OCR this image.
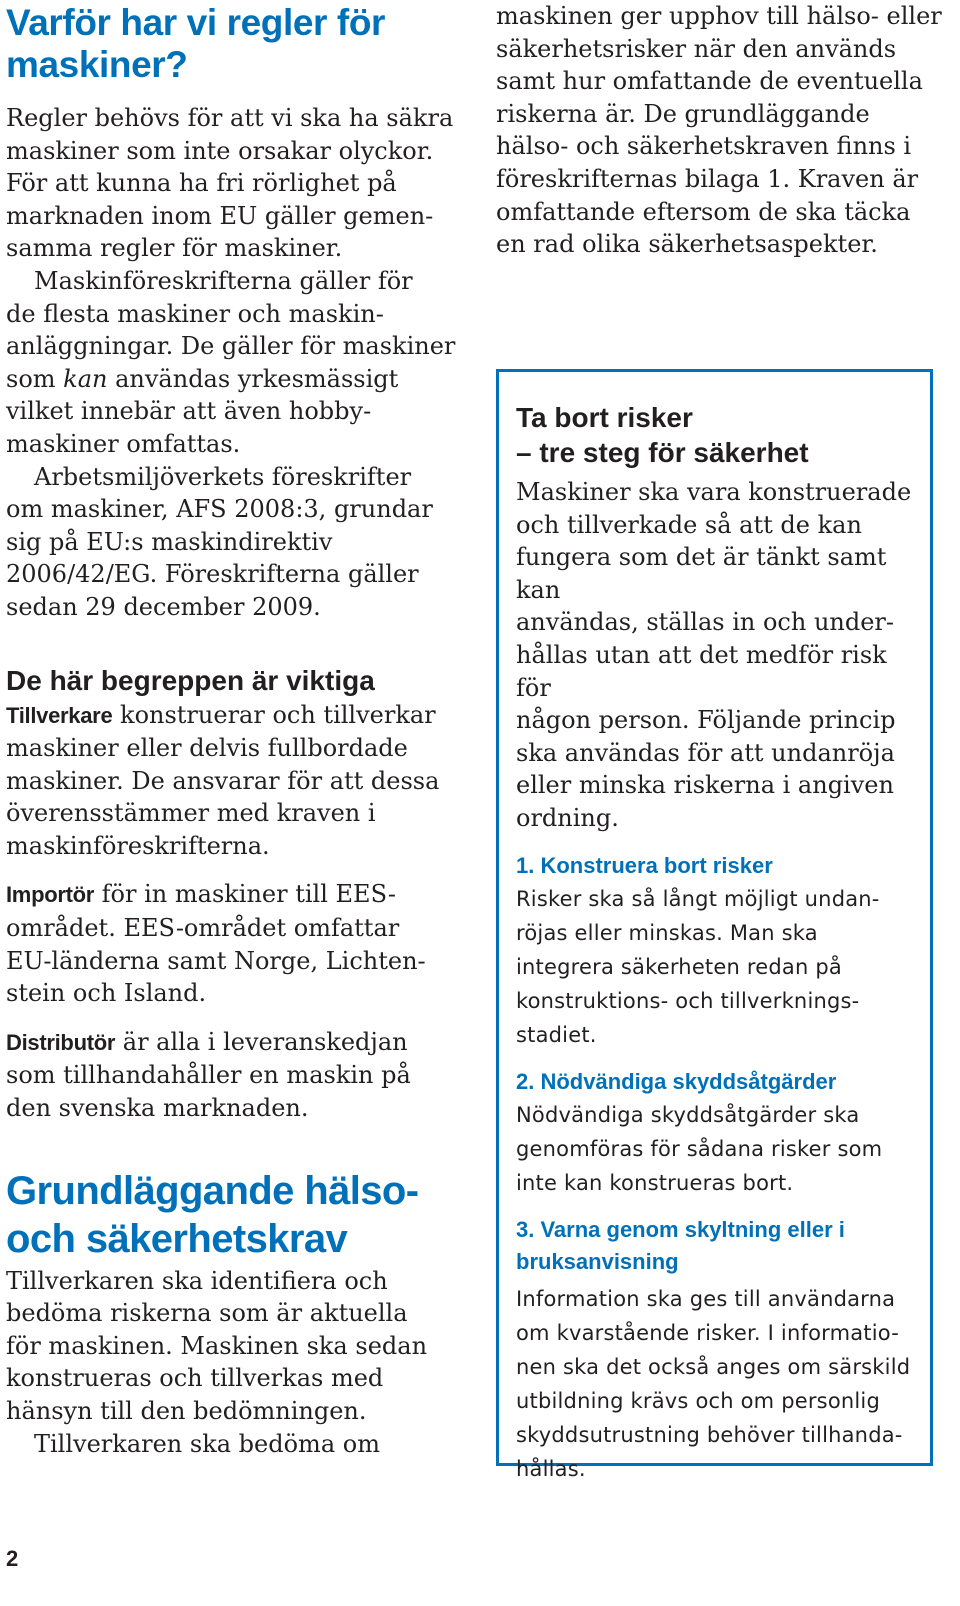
Varför har vi regler för
maskiner?
Regler behövs för att vi ska ha säkra
maskiner som inte orsakar olyckor.
För att kunna ha fri rörlighet på
marknaden inom EU gäller gemen-
samma regler för maskiner.
Maskinföreskrifterna gäller för
de flesta maskiner och maskin-
anläggningar. De gäller för maskiner
som kan användas yrkesmässigt
vilket innebär att även hobby-
maskiner omfattas.
Arbetsmiljöverkets föreskrifter
om maskiner, AFS 2008:3, grundar
sig på EU:s maskindirektiv
2006/42/EG. Föreskrifterna gäller
sedan 29 december 2009.
De här begreppen är viktiga
Tillverkare konstruerar och tillverkar
maskiner eller delvis fullbordade
maskiner. De ansvarar för att dessa
överensstämmer med kraven i
maskinföreskrifterna.
Importör för in maskiner till EES-
området. EES-området omfattar
EU-länderna samt Norge, Lichten-
stein och Island.
Distributör är alla i leveranskedjan
som tillhandahåller en maskin på
den svenska marknaden.
Grundläggande hälso-
och säkerhetskrav
Tillverkaren ska identifiera och
bedöma riskerna som är aktuella
för maskinen. Maskinen ska sedan
konstrueras och tillverkas med
hänsyn till den bedömningen.
Tillverkaren ska bedöma om
maskinen ger upphov till hälso- eller
säkerhetsrisker när den används
samt hur omfattande de eventuella
riskerna är. De grundläggande
hälso- och säkerhetskraven finns i
föreskrifternas bilaga 1. Kraven är
omfattande eftersom de ska täcka
en rad olika säkerhetsaspekter.
Ta bort risker
– tre steg för säkerhet
Maskiner ska vara konstruerade
och tillverkade så att de kan
fungera som det är tänkt samt kan
användas, ställas in och under-
hållas utan att det medför risk för
någon person. Följande princip
ska användas för att undanröja
eller minska riskerna i angiven
ordning.
1. Konstruera bort risker
Risker ska så långt möjligt undan-
röjas eller minskas. Man ska
integrera säkerheten redan på
konstruktions- och tillverknings-
stadiet.
2. Nödvändiga skyddsåtgärder
Nödvändiga skyddsåtgärder ska
genomföras för sådana risker som
inte kan konstrueras bort.
3. Varna genom skyltning eller i
bruksanvisning
Information ska ges till användarna
om kvarstående risker. I informatio-
nen ska det också anges om särskild
utbildning krävs och om personlig
skyddsutrustning behöver tillhanda-
hållas.
2
